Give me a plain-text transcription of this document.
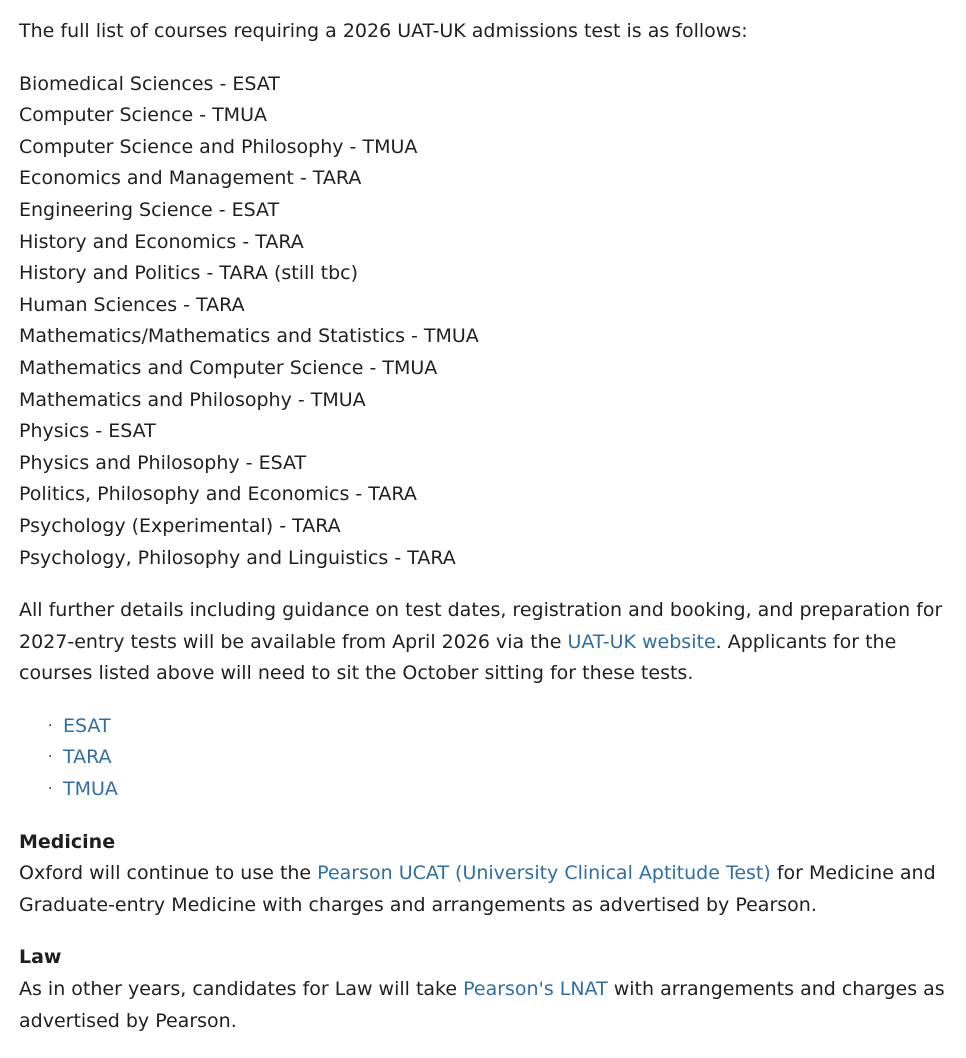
The full list of courses requiring a 2026 UAT-UK admissions test is as follows:

Biomedical Sciences - ESAT
Computer Science - TMUA
Computer Science and Philosophy - TMUA
Economics and Management - TARA
Engineering Science - ESAT
History and Economics - TARA
History and Politics - TARA (still tbc)
Human Sciences - TARA
Mathematics/Mathematics and Statistics - TMUA
Mathematics and Computer Science - TMUA
Mathematics and Philosophy - TMUA
Physics - ESAT
Physics and Philosophy - ESAT
Politics, Philosophy and Economics - TARA
Psychology (Experimental) - TARA
Psychology, Philosophy and Linguistics - TARA

All further details including guidance on test dates, registration and booking, and preparation for 2027-entry tests will be available from April 2026 via the UAT-UK website. Applicants for the courses listed above will need to sit the October sitting for these tests.

· ESAT
· TARA
· TMUA
Medicine

Oxford will continue to use the Pearson UCAT (University Clinical Aptitude Test) for Medicine and Graduate-entry Medicine with charges and arrangements as advertised by Pearson.

Law

As in other years, candidates for Law will take Pearson's LNAT with arrangements and charges as advertised by Pearson.
